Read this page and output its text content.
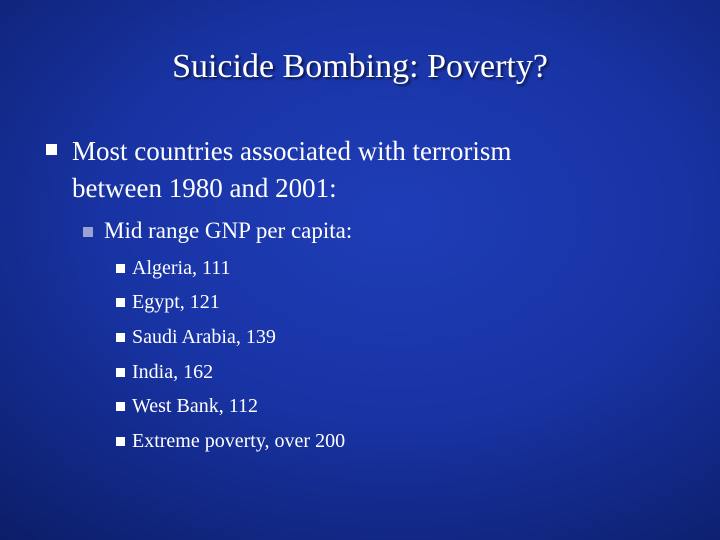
Suicide Bombing: Poverty?
Most countries associated with terrorism
between 1980 and 2001:
Mid range GNP per capita:
Algeria, 111
Egypt, 121
Saudi Arabia, 139
India, 162
West Bank, 112
Extreme poverty, over 200
